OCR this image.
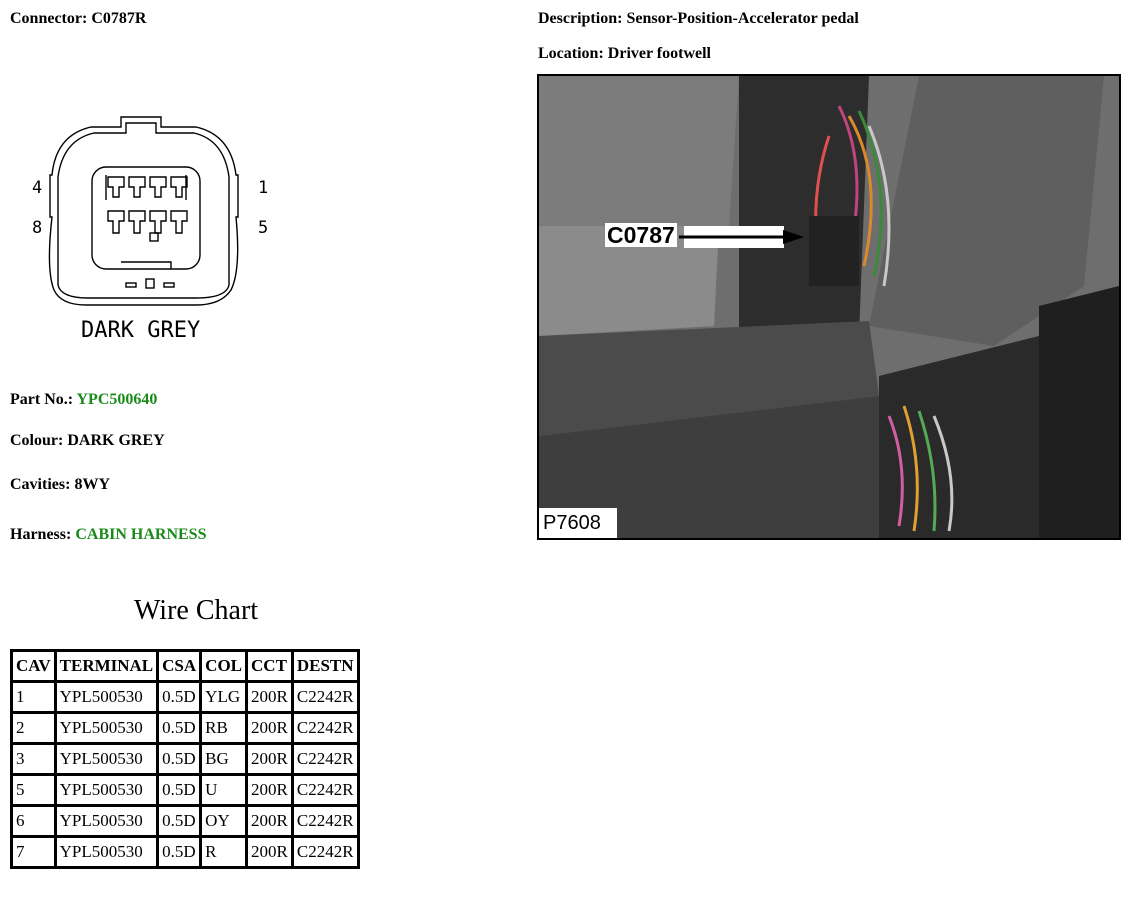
Connector: C0787R	Description: Sensor-Position-Accelerator pedal
Location: Driver footwell
4	1
8	5
DARK GREY
C0787
P7608
Part No.: YPC500640
Colour: DARK GREY
Cavities: 8WY
Harness: CABIN HARNESS
Wire Chart
CAV	TERMINAL	CSA	COL	CCT	DESTN
1	YPL500530	0.5D	YLG	200R	C2242R
2	YPL500530	0.5D	RB	200R	C2242R
3	YPL500530	0.5D	BG	200R	C2242R
5	YPL500530	0.5D	U	200R	C2242R
6	YPL500530	0.5D	OY	200R	C2242R
7	YPL500530	0.5D	R	200R	C2242R
